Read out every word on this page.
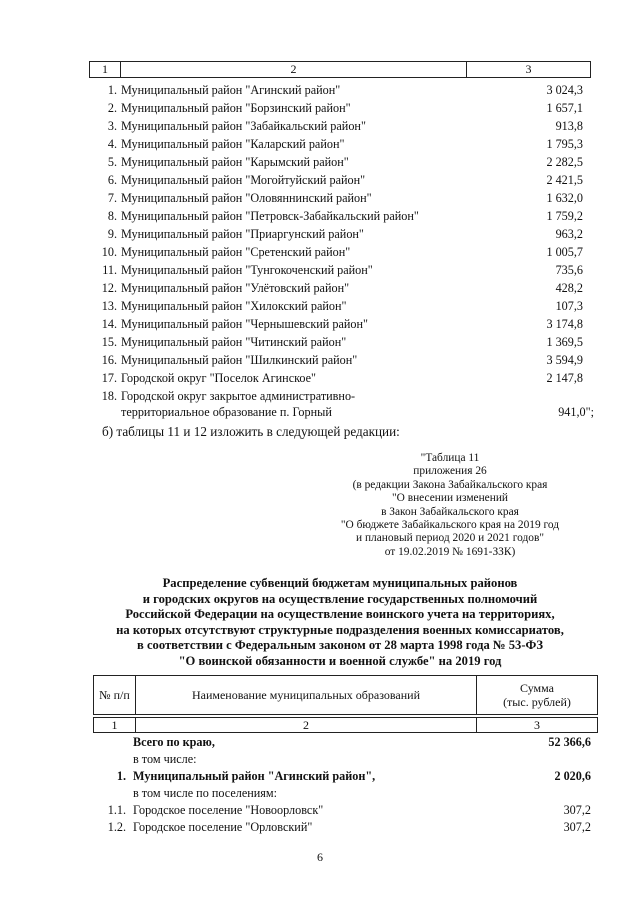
1	2	3
1. Муниципальный район "Агинский район"	3 024,3
2. Муниципальный район "Борзинский район"	1 657,1
3. Муниципальный район "Забайкальский район"	913,8
4. Муниципальный район "Каларский район"	1 795,3
5. Муниципальный район "Карымский район"	2 282,5
6. Муниципальный район "Могойтуйский район"	2 421,5
7. Муниципальный район "Оловяннинский район"	1 632,0
8. Муниципальный район "Петровск-Забайкальский район"	1 759,2
9. Муниципальный район "Приаргунский район"	963,2
10. Муниципальный район "Сретенский район"	1 005,7
11. Муниципальный район "Тунгокоченский район"	735,6
12. Муниципальный район "Улётовский район"	428,2
13. Муниципальный район "Хилокский район"	107,3
14. Муниципальный район "Чернышевский район"	3 174,8
15. Муниципальный район "Читинский район"	1 369,5
16. Муниципальный район "Шилкинский район"	3 594,9
17. Городской округ "Поселок Агинское"	2 147,8
18. Городской округ закрытое административно-
территориальное образование п. Горный	941,0";
б) таблицы 11 и 12 изложить в следующей редакции:
"Таблица 11
приложения 26
(в редакции Закона Забайкальского края
"О внесении изменений
в Закон Забайкальского края
"О бюджете Забайкальского края на 2019 год
и плановый период 2020 и 2021 годов"
от 19.02.2019 № 1691-ЗЗК)
Распределение субвенций бюджетам муниципальных районов
и городских округов на осуществление государственных полномочий
Российской Федерации на осуществление воинского учета на территориях,
на которых отсутствуют структурные подразделения военных комиссариатов,
в соответствии с Федеральным законом от 28 марта 1998 года № 53-ФЗ
"О воинской обязанности и военной службе" на 2019 год
№ п/п	Наименование муниципальных образований	Сумма
(тыс. рублей)
1	2	3
Всего по краю,	52 366,6
в том числе:
1. Муниципальный район "Агинский район",	2 020,6
в том числе по поселениям:
1.1. Городское поселение "Новоорловск"	307,2
1.2. Городское поселение "Орловский"	307,2
6
